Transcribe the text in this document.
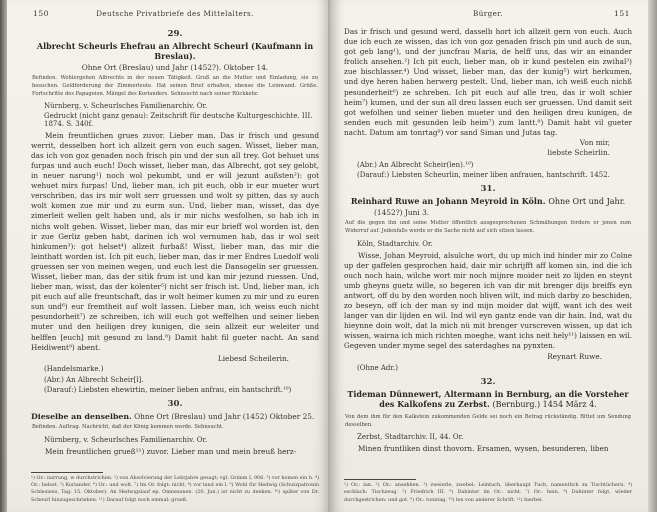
150	Deutsche Privatbriefe des Mittelalters.
29.
Albrecht Scheurls Ehefrau an Albrecht Scheurl (Kaufmann in Breslau).
Ohne Ort (Breslau) und Jahr (1452?). Oktober 14.
Befinden. Wohlergehen Albrechts in der neuen Tätigkeit. Gruß an die Mutter und Einladung, sie zu besuchen. Geldforderung der Zimmerleute. Hat seinen Brief erhalten, ebenso die Leinwand. Grüße. Fortschritte des Papageien. Mängel des Korianders. Sehnsucht nach seiner Rückkehr.
Nürnberg, v. Scheurlsches Familienarchiv. Or.
Gedruckt (nicht ganz genau): Zeitschrift für deutsche Kulturgeschichte. III. 1874. S. 340f.
Mein freuntlichen grues zuvor. Lieber man. Das ir frisch und gesund werrit, desselben hort ich allzeit gern von euch sagen. Wisset, lieber man, das ich von goz genaden noch frisch pin und der sun all trey. Got behuet uns furpas und auch euch! Doch wisset, lieber man, das Albrecht, got sey gelobt, in neuer narung¹) noch wol pekumbt, und er will jezunt außsten²): got wehuet mirs furpas! Und, lieber man, ich pit euch, obb ir eur mueter wurt verschriben, das irs mir wolt serr gruessen und wolt sy pitten, das sy auch wolt komen zue mir und zu eurm sun. Und, lieber man, wisset, das dye zimerleit wellen gelt haben und, als ir mir nichs wesfolhen, so hab ich in nichs wolt geben. Wisset, lieber man, das mir eur brieff wol worden ist, den ir zue Gerliz geben habt, darinen ich wol vernumen hab, das ir wol seit hinkumen³): got helset⁴) allzeit furbaß! Wisst, lieber man, das mir die leinthatt worden ist. Ich pit euch, lieber man, das ir mer Endres Luedolf woli gruessen ser von meinen wegen, und euch lest die Dansogelin ser gruessen. Wisset, lieber man, das der sitik frum ist und kan mir jezund ruessen. Und, lieber man, wisst, das der kolenter⁵) nicht ser frisch ist. Und, lieber man, ich pit euch auf alle freuntschaft, das ir wolt heimer kumen zu mir und zu euren sun und⁶) eur fremtheit auf wolt lassen. Lieber man, ich weiss euch nicht pesundorheit⁷) ze schreiben, ich will euch got weffelhen und seiner lieben muter und den heiligen drey kunigen, die sein allzeit eur weleiter und helffen [euch] mit gesund zu land.⁸) Damit habt fil gueter nacht. An sand Heidiwent⁹) abent.
Liebesd Scheilerin.
(Handelsmarke.)
(Abr.) An Albrecht Scheir[l].
(Darauf:) Liebsten ehewirtin, meiner lieben anfrau, ein hantschrift.¹⁰)
30.
Dieselbe an denselben. Ohne Ort (Breslau) und Jahr (1452) Oktober 25.
Befinden. Auftrag. Nachricht, daß der König kommen werde. Sehnsucht.
Nürnberg, v. Scheurlsches Familienarchiv. Or.
Mein freuntlichen grueß¹¹) zuvor. Lieber man und mein breuß herz-
¹) Or.: narrung, w durchstrichen. ²) von Absolvierung der Lehrjahre gesagt; vgl. Grimm I, 906. ³) vor komen ein h. ⁴) Or.: helset. ⁵) Koriander. ⁶) Or.: und wolt. ⁷) Im Or. folgt: nicht. ⁸) vor land ein l. ⁹) Wohl für Hedwig (Schutzpatronin Schlesiens, Tag: 15. Oktober). An Hedwigslauf ep. Omnesanen. (20. Jun.) ist nicht zu denken. ¹⁰) später von Dr. Scheurl hinzugeschrieben. ¹¹) Darauf folgt noch einmal: grueß.
Bürger.	151
Das ir frisch und gesund werd, dasselb hort ich allzeit gern von euch. Auch due ich euch ze wissen, das ich von goz genaden frisch pin und auch de sun, got geb lang¹), und der juncfrau Maria, de helff uns, das wir an einander frolich ansehen.²) Ich pit euch, lieber man, ob ir kund pestelen ein zwihal³) zue bischlasser.⁴) Und wisset, lieber man, das der kunig⁵) wirt herkumen, und dye heren haben herwerg pestelt. Und, lieber man, ich weiß euch nichß pesunderheit⁶) ze schreben. Ich pit euch auf alle treu, das ir wolt schier heim⁷) kumen, und der sun all dreu lassen euch ser gruessen. Und damit seit got wefolhen und seiner lieben mueter und den heiligen dreu kunigen, de senden euch mit gesunden leib heim⁷) zum lantt.⁸) Damit habt vil gueter nacht. Datum am tonrtag⁹) vor sand Siman und Jutas tag.
Von mir,
liebste Scheirlin.
(Abr.) An Albrecht Scheir(len).¹⁰)
(Darauf:) Liebsten Scheurlin, meiner liben anfrauen, hantschrift. 1452.
31.
Reinhard Ruwe an Johann Meyroid in Köln. Ohne Ort und Jahr.
(1452?) Juni 3.
Auf die gegen ihn und seine Mutter öffentlich ausgesprochenen Schmähungen fordere er jenen zum Widerruf auf. Jedenfalls werde er die Sache nicht auf sich sitzen lassen.
Köln, Stadtarchiv. Or.
Wisse, Johan Meyroid, alsulche wort, du up mich ind hinder mir zo Colne up der gaffelen gesprochen haid, dair mir schrijfft aff komen sin, ind die ich ouch noch hain, wilche wort mir noch mijnre moider neit zo lijden en steynt umb gheyns guetz wille, so begeren ich van dir mit brenger dijs breiffs eyn antwort, off du by den worden noch bliven wilt, ind mich darby zo beschiden, zo beseyn, off ich der man sy ind mijn moider dat wijff, want ich des weit langer van dir lijden en wil. Ind wil eyn gantz ende van dir hain. Ind, wat du hieynne doin wolt, dat la mich nü mit brenger vurscreven wissen, up dat ich wissen, wairna ich mich richten moeghe, want ichs neit hely¹¹) laissen en wil. Gegeven under myme segel des saterdaghes na pynxten.
Reynart Ruwe.
(Ohne Adr.)
32.
Tideman Dünnewert, Altermann in Bernburg, an die Vorsteher des Kalkofens zu Zerbst. (Bernburg.) 1454 März 4.
Von dem ihm für den Kalkstein zukommenden Gelde sei noch ein Betrag rückständig. Bittet um Sendung desselben.
Zerbst, Stadtarchiv. II, 44. Or.
Minen fruntliken dinst thovorn. Ersamen, wysen, besunderen, liben
¹) Or.: lan. ²) Or.: ansehhen. ³) zweierle, zwehel: Leintuch, überhaupt Tuch, namentlich zu Tischtüchern. ⁴) eschlach: Tischzeug. ⁵) Friedrich III. ⁶) Dahinter im Or.: nicht. ⁷) Or.: hein. ⁸) Dahinter folgt, wieder durchgestrichen: und got. ⁹) Or.: tonntag. ¹⁰) len von anderer Schrift. ¹¹) hierbei.
